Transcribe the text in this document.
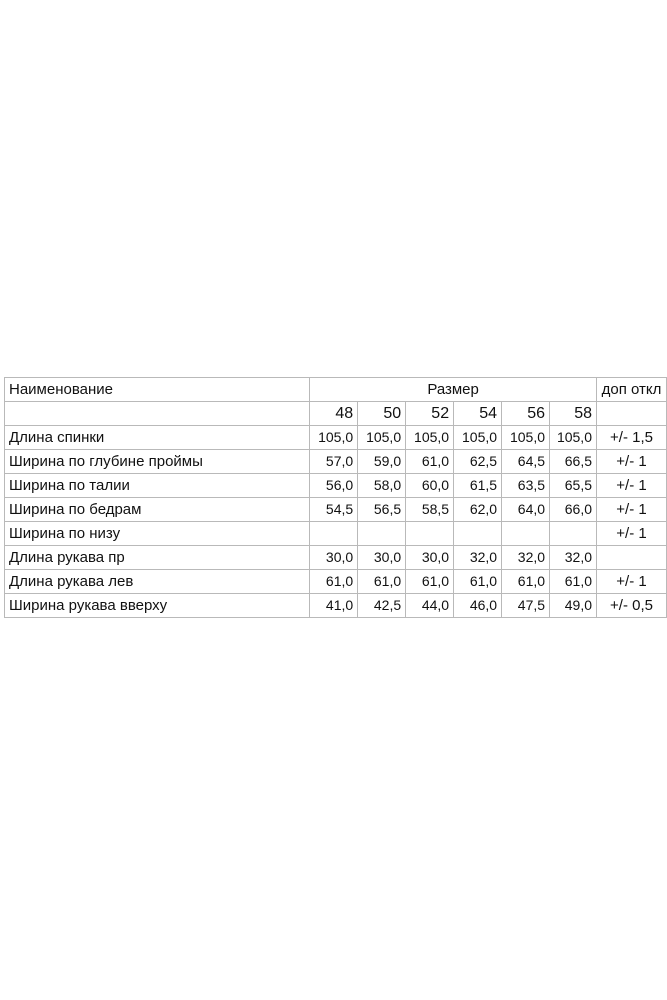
Наименование	Размер						доп откл
	48	50	52	54	56	58	
Длина спинки	105,0	105,0	105,0	105,0	105,0	105,0	+/- 1,5
Ширина по глубине проймы	57,0	59,0	61,0	62,5	64,5	66,5	+/- 1
Ширина по талии	56,0	58,0	60,0	61,5	63,5	65,5	+/- 1
Ширина по бедрам	54,5	56,5	58,5	62,0	64,0	66,0	+/- 1
Ширина по низу							+/- 1
Длина рукава пр	30,0	30,0	30,0	32,0	32,0	32,0	
Длина рукава лев	61,0	61,0	61,0	61,0	61,0	61,0	+/- 1
Ширина рукава вверху	41,0	42,5	44,0	46,0	47,5	49,0	+/- 0,5
